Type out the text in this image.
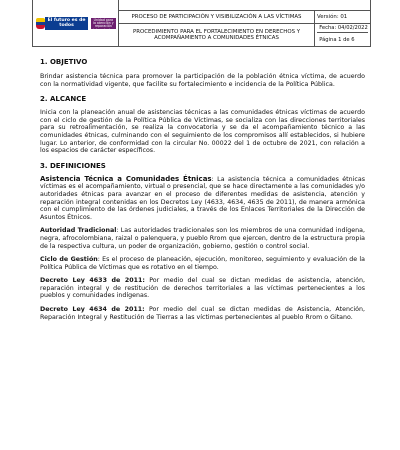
El futuro es de todos
Unidad para la atención y reparación integral a las víctimas
PROCESO DE PARTICIPACIÓN Y VISIBILIZACIÓN A LAS VÍCTIMAS	Versión: 01
PROCEDIMIENTO PARA EL FORTALECIMIENTO EN DERECHOS Y ACOMPAÑAMIENTO A COMUNIDADES ÉTNICAS
Fecha: 04/02/2022
Página 1 de 6
1. OBJETIVO

Brindar asistencia técnica para promover la participación de la población étnica víctima, de acuerdo con la normatividad vigente, que facilite su fortalecimiento e incidencia de la Política Pública.

2. ALCANCE

Inicia con la planeación anual de asistencias técnicas a las comunidades étnicas víctimas de acuerdo con el ciclo de gestión de la Política Pública de Víctimas, se socializa con las direcciones territoriales para su retroalimentación, se realiza la convocatoria y se da el acompañamiento técnico a las comunidades étnicas, culminando con el seguimiento de los compromisos allí establecidos, si hubiere lugar. Lo anterior, de conformidad con la circular No. 00022 del 1 de octubre de 2021, con relación a los espacios de carácter específicos.

3. DEFINICIONES

Asistencia Técnica a Comunidades Étnicas: La asistencia técnica a comunidades étnicas víctimas es el acompañamiento, virtual o presencial, que se hace directamente a las comunidades y/o autoridades étnicas para avanzar en el proceso de diferentes medidas de asistencia, atención y reparación integral contenidas en los Decretos Ley (4633, 4634, 4635 de 2011), de manera armónica con el cumplimiento de las órdenes judiciales, a través de los Enlaces Territoriales de la Dirección de Asuntos Étnicos.

Autoridad Tradicional: Las autoridades tradicionales son los miembros de una comunidad indígena, negra, afrocolombiana, raizal o palenquera, y pueblo Rrom que ejercen, dentro de la estructura propia de la respectiva cultura, un poder de organización, gobierno, gestión o control social.

Ciclo de Gestión: Es el proceso de planeación, ejecución, monitoreo, seguimiento y evaluación de la Política Pública de Víctimas que es rotativo en el tiempo.

Decreto Ley 4633 de 2011: Por medio del cual se dictan medidas de asistencia, atención, reparación integral y de restitución de derechos territoriales a las víctimas pertenecientes a los pueblos y comunidades indígenas.

Decreto Ley 4634 de 2011: Por medio del cual se dictan medidas de Asistencia, Atención, Reparación Integral y Restitución de Tierras a las víctimas pertenecientes al pueblo Rrom o Gitano.
